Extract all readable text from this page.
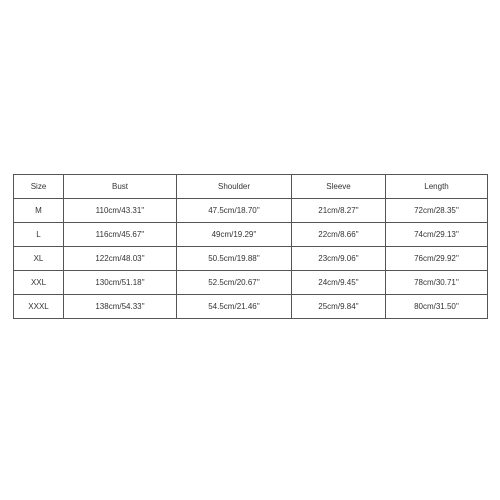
Size	Bust	Shoulder	Sleeve	Length
M	110cm/43.31''	47.5cm/18.70''	21cm/8.27''	72cm/28.35''
L	116cm/45.67''	49cm/19.29''	22cm/8.66''	74cm/29.13''
XL	122cm/48.03''	50.5cm/19.88''	23cm/9.06''	76cm/29.92''
XXL	130cm/51.18''	52.5cm/20.67''	24cm/9.45''	78cm/30.71''
XXXL	138cm/54.33''	54.5cm/21.46''	25cm/9.84''	80cm/31.50''
